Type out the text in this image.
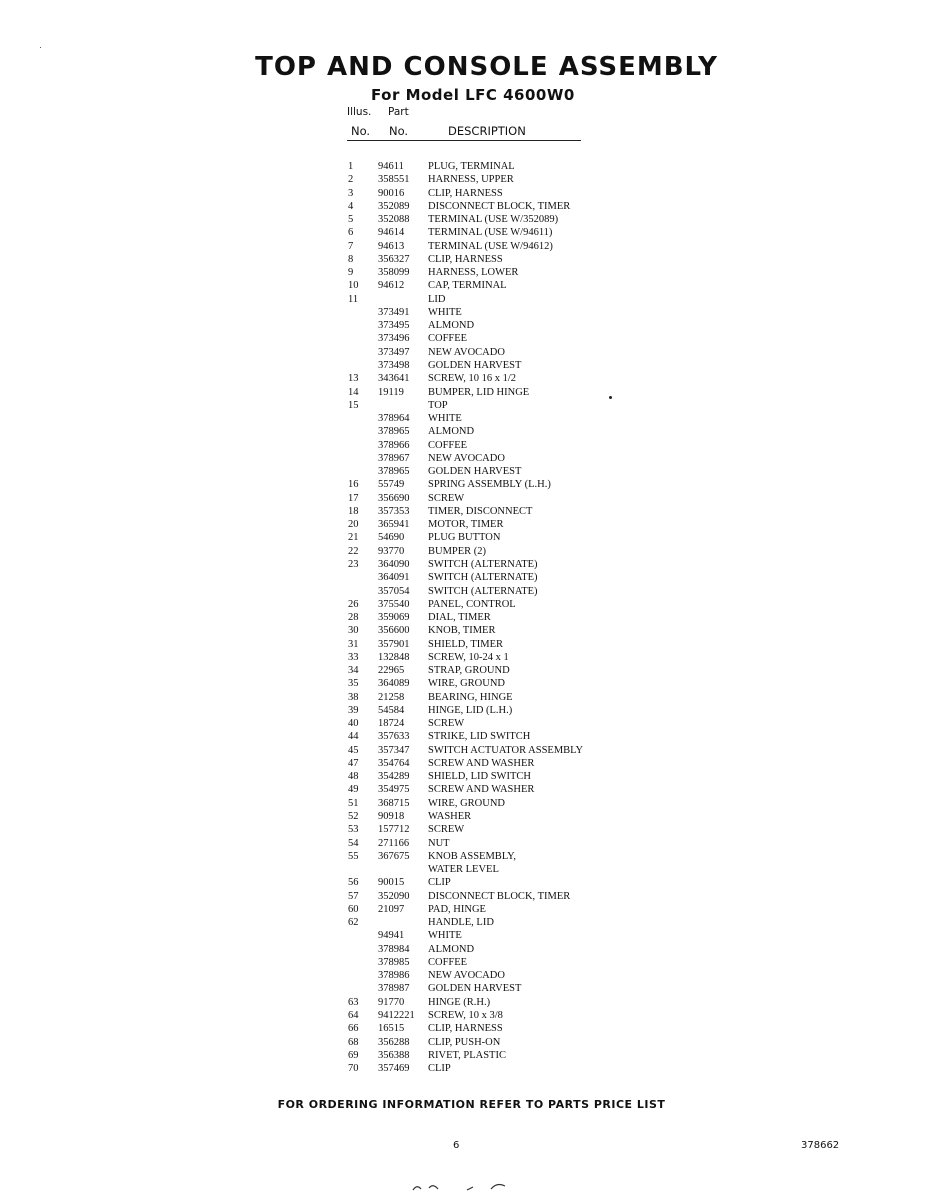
TOP AND CONSOLE ASSEMBLY
For Model LFC 4600W0
Illus. Part
No. No.	DESCRIPTION
1	94611 PLUG, TERMINAL
2	358551 HARNESS, UPPER
3	90016 CLIP, HARNESS
4	352089 DISCONNECT BLOCK, TIMER
5	352088 TERMINAL (USE W/352089)
6	94614 TERMINAL (USE W/94611)
7	94613 TERMINAL (USE W/94612)
8	356327 CLIP, HARNESS
9	358099 HARNESS, LOWER
10	94612 CAP, TERMINAL
11	LID
373491 WHITE
373495 ALMOND
373496 COFFEE
373497 NEW AVOCADO
373498 GOLDEN HARVEST
13	343641 SCREW, 10 16 x 1/2
14	19119 BUMPER, LID HINGE
15	TOP
378964 WHITE
378965 ALMOND
378966 COFFEE
378967 NEW AVOCADO
378965 GOLDEN HARVEST
16	55749 SPRING ASSEMBLY (L.H.)
17	356690 SCREW
18	357353 TIMER, DISCONNECT
20	365941 MOTOR, TIMER
21	54690 PLUG BUTTON
22	93770 BUMPER (2)
23	364090 SWITCH (ALTERNATE)
364091 SWITCH (ALTERNATE)
357054 SWITCH (ALTERNATE)
26	375540 PANEL, CONTROL
28	359069 DIAL, TIMER
30	356600 KNOB, TIMER
31	357901 SHIELD, TIMER
33	132848 SCREW, 10-24 x 1
34	22965 STRAP, GROUND
35	364089 WIRE, GROUND
38	21258 BEARING, HINGE
39	54584 HINGE, LID (L.H.)
40	18724 SCREW
44	357633 STRIKE, LID SWITCH
45	357347 SWITCH ACTUATOR ASSEMBLY
47	354764 SCREW AND WASHER
48	354289 SHIELD, LID SWITCH
49	354975 SCREW AND WASHER
51	368715 WIRE, GROUND
52	90918 WASHER
53	157712 SCREW
54	271166 NUT
55	367675 KNOB ASSEMBLY,
WATER LEVEL
56	90015 CLIP
57	352090 DISCONNECT BLOCK, TIMER
60	21097 PAD, HINGE
62	HANDLE, LID
94941 WHITE
378984 ALMOND
378985 COFFEE
378986 NEW AVOCADO
378987 GOLDEN HARVEST
63	91770 HINGE (R.H.)
64	9412221 SCREW, 10 x 3/8
66	16515 CLIP, HARNESS
68	356288 CLIP, PUSH-ON
69	356388 RIVET, PLASTIC
70	357469 CLIP
FOR ORDERING INFORMATION REFER TO PARTS PRICE LIST
6	378662
